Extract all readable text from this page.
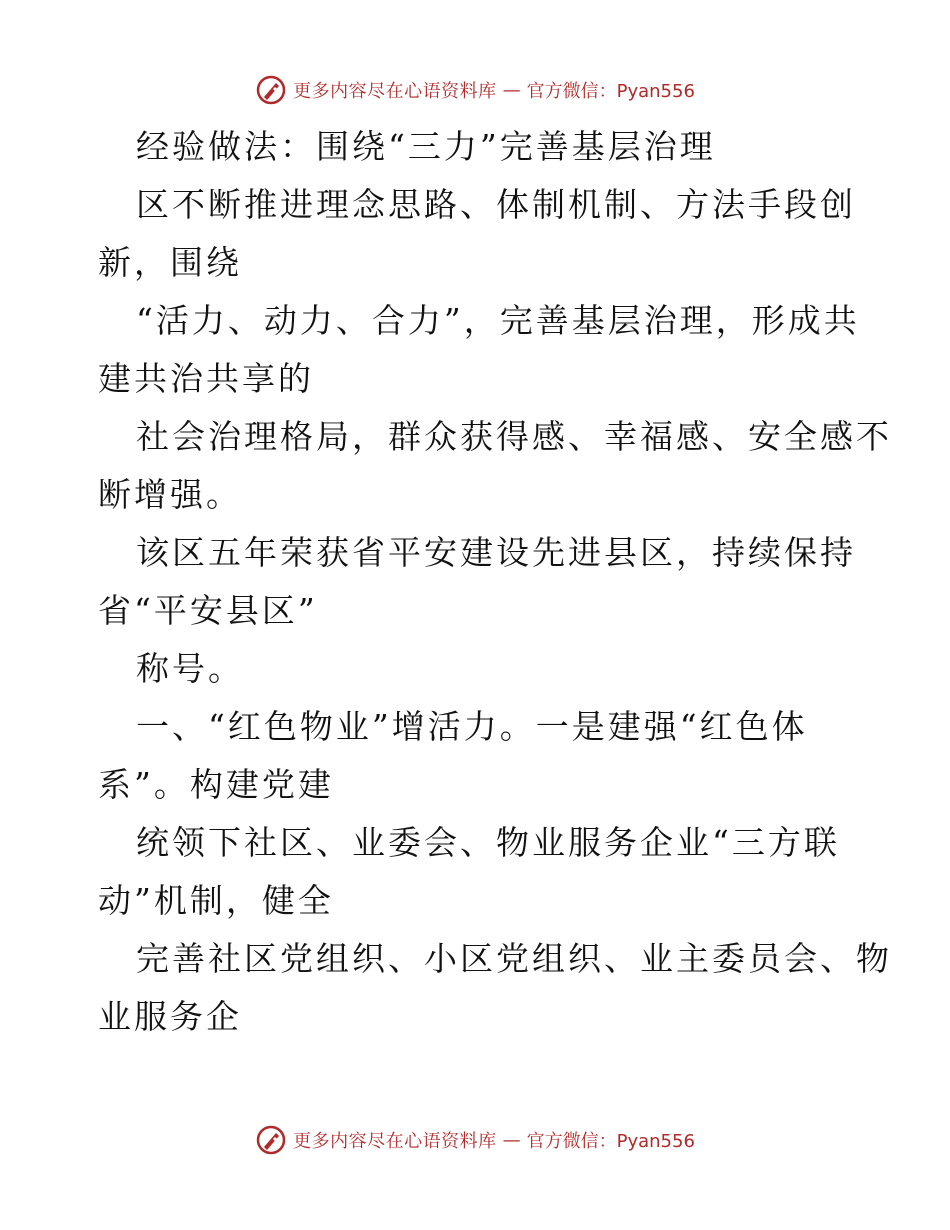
更多内容尽在心语资料库 — 官方微信：Pyan556
经验做法：围绕“三力”完善基层治理
区不断推进理念思路、体制机制、方法手段创
新，围绕
“活力、动力、合力”，完善基层治理，形成共
建共治共享的
社会治理格局，群众获得感、幸福感、安全感不
断增强。
该区五年荣获省平安建设先进县区，持续保持
省“平安县区”
称号。
一、“红色物业”增活力。一是建强“红色体
系”。构建党建
统领下社区、业委会、物业服务企业“三方联
动”机制，健全
完善社区党组织、小区党组织、业主委员会、物
业服务企
更多内容尽在心语资料库 — 官方微信：Pyan556
